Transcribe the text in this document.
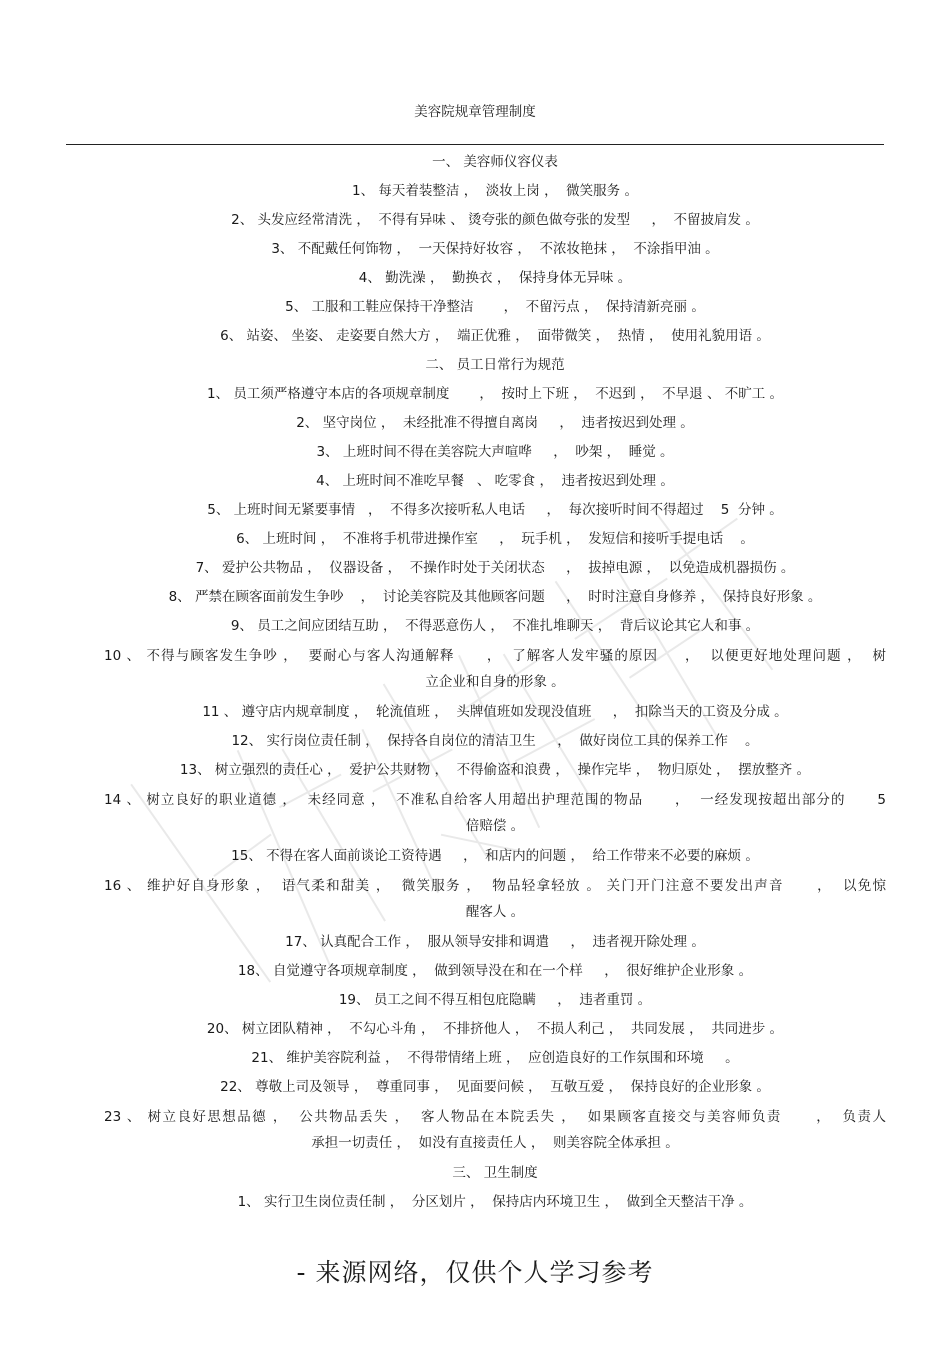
美容院规章管理制度
一、 美容师仪容仪表
1、 每天着装整洁 ，  淡妆上岗 ，  微笑服务 。
2、 头发应经常清洗 ，  不得有异味 、 烫夸张的颜色做夸张的发型     ，  不留披肩发 。
3、 不配戴任何饰物 ，  一天保持好妆容 ，  不浓妆艳抹 ，  不涂指甲油 。
4、 勤洗澡 ，  勤换衣 ，  保持身体无异味 。
5、 工服和工鞋应保持干净整洁       ，  不留污点 ，  保持清新亮丽 。
6、 站姿、 坐姿、 走姿要自然大方 ，  端正优雅 ，  面带微笑 ，  热情 ，  使用礼貌用语 。
二、 员工日常行为规范
1、 员工须严格遵守本店的各项规章制度       ，  按时上下班 ，  不迟到 ，  不早退 、 不旷工 。
2、 坚守岗位 ，  未经批准不得擅自离岗     ，  违者按迟到处理 。
3、 上班时间不得在美容院大声喧哗     ，  吵架 ，  睡觉 。
4、 上班时间不准吃早餐   、 吃零食 ，  违者按迟到处理 。
5、 上班时间无紧要事情   ，  不得多次接听私人电话     ，  每次接听时间不得超过    5  分钟 。
6、 上班时间 ，  不准将手机带进操作室     ，  玩手机 ，  发短信和接听手提电话    。
7、 爱护公共物品 ，  仪器设备 ，  不操作时处于关闭状态     ，  拔掉电源 ，  以免造成机器损伤 。
8、 严禁在顾客面前发生争吵    ，  讨论美容院及其他顾客问题     ，  时时注意自身修养 ，  保持良好形象 。
9、 员工之间应团结互助 ，  不得恶意伤人 ，  不准扎堆聊天 ，  背后议论其它人和事 。
10 、 不得与顾客发生争吵 ，  要耐心与客人沟通解释      ，  了解客人发牢骚的原因     ，  以便更好地处理问题 ，  树
立企业和自身的形象 。
11 、 遵守店内规章制度 ，  轮流值班 ，  头牌值班如发现没值班     ，  扣除当天的工资及分成 。
12、 实行岗位责任制 ，  保持各自岗位的清洁卫生     ，  做好岗位工具的保养工作    。
13、 树立强烈的责任心 ，  爱护公共财物 ，  不得偷盗和浪费 ，  操作完毕 ，  物归原处 ，  摆放整齐 。
14 、 树立良好的职业道德 ，  未经同意 ，  不准私自给客人用超出护理范围的物品      ，  一经发现按超出部分的      5
倍赔偿 。
15、 不得在客人面前谈论工资待遇     ，  和店内的问题 ，  给工作带来不必要的麻烦 。
16 、 维护好自身形象 ，  语气柔和甜美 ，  微笑服务 ，  物品轻拿轻放 。 关门开门注意不要发出声音      ，  以免惊
醒客人 。
17、 认真配合工作 ，  服从领导安排和调遣     ，  违者视开除处理 。
18、 自觉遵守各项规章制度 ，  做到领导没在和在一个样     ，  很好维护企业形象 。
19、 员工之间不得互相包庇隐瞒     ，  违者重罚 。
20、 树立团队精神 ，  不勾心斗角 ，  不排挤他人 ，  不损人利己 ，  共同发展 ，  共同进步 。
21、 维护美容院利益 ，  不得带情绪上班 ，  应创造良好的工作氛围和环境     。
22、 尊敬上司及领导 ，  尊重同事 ，  见面要问候 ，  互敬互爱 ，  保持良好的企业形象 。
23 、 树立良好思想品德 ，  公共物品丢失 ，  客人物品在本院丢失 ，  如果顾客直接交与美容师负责      ，  负责人
承担一切责任 ，  如没有直接责任人 ，  则美容院全体承担 。
三、 卫生制度
1、 实行卫生岗位责任制 ，  分区划片 ，  保持店内环境卫生 ，  做到全天整洁干净 。
- 来源网络，仅供个人学习参考
